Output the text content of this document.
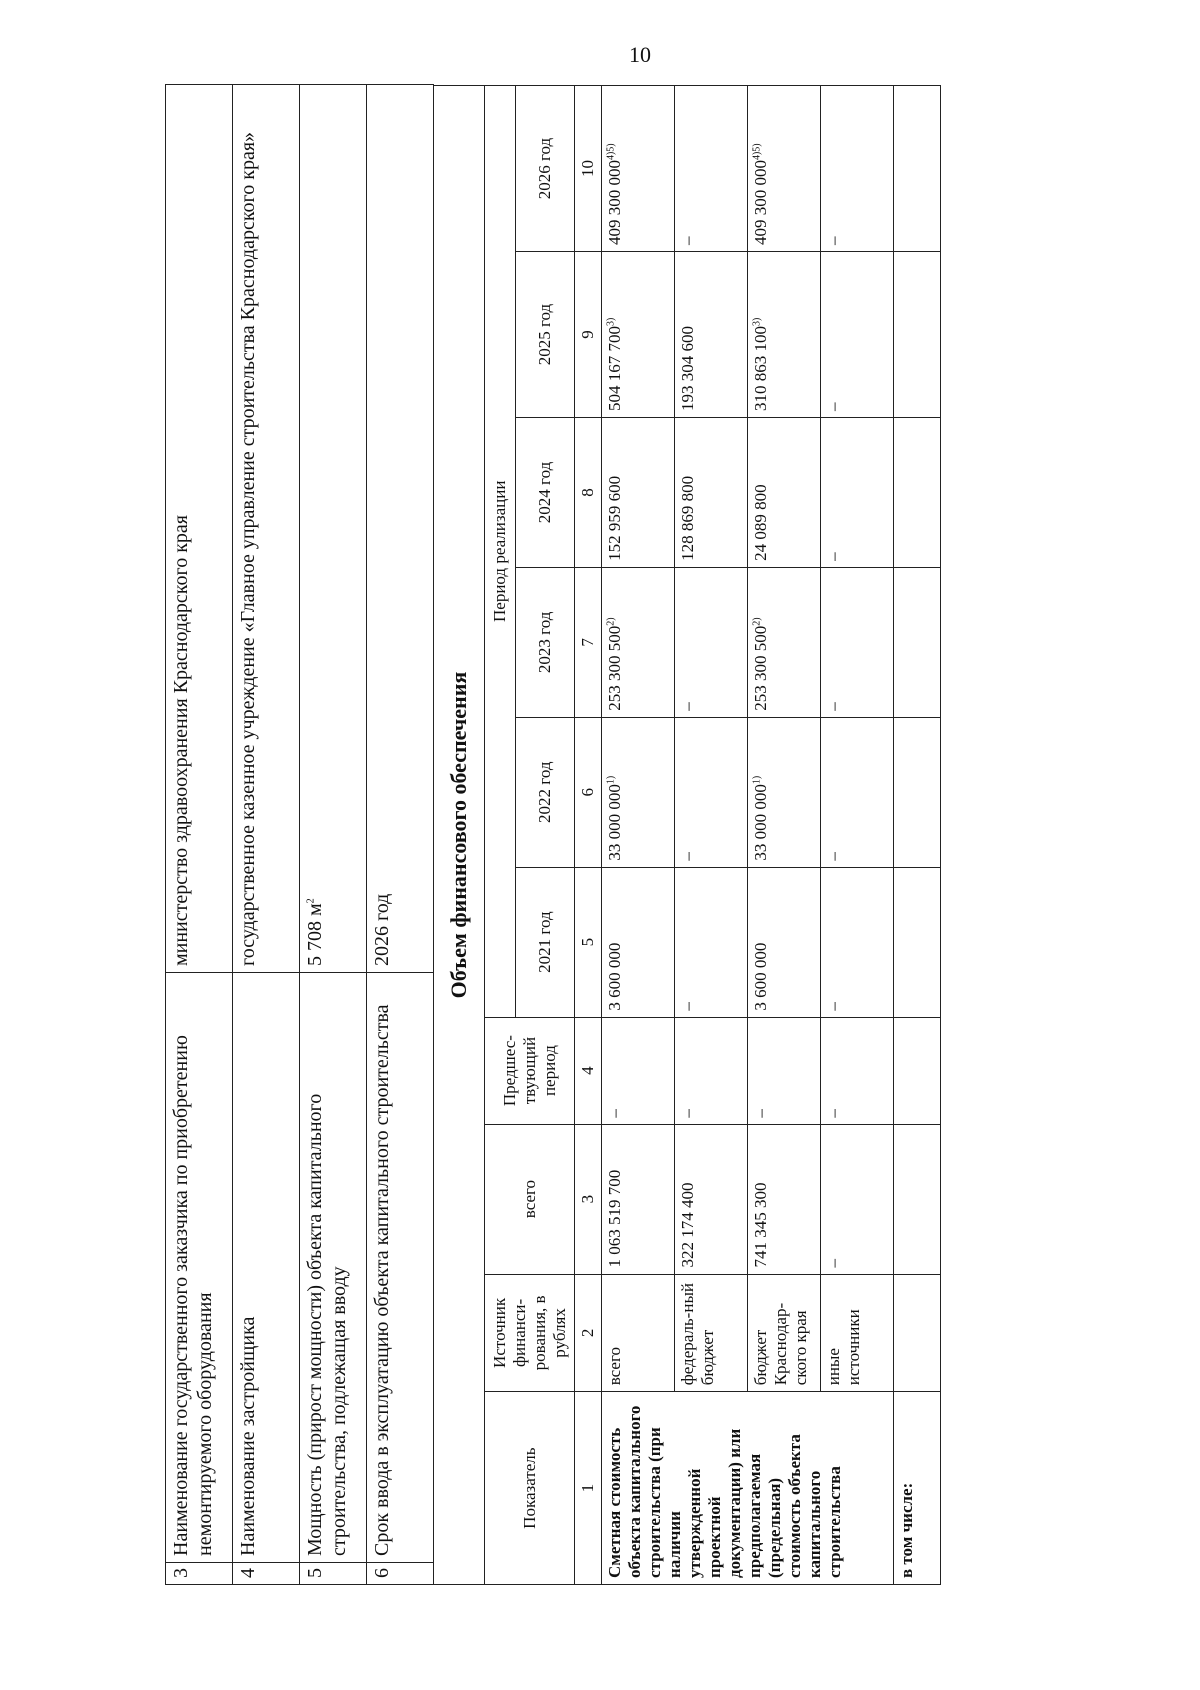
10
3	Наименование государственного заказчика по приобретению немонтируемого оборудования	министерство здравоохранения Краснодарского края
4	Наименование застройщика	государственное казенное учреждение «Главное управление строительства Краснодарского края»
5	Мощность (прирост мощности) объекта капитального строительства, подлежащая вводу	5 708 $м^2$
6	Срок ввода в эксплуатацию объекта капитального строительства	2026 год Объем финансового обеспечения									
Показатель	Источник финанси-рования, в рублях	всего	Предшес-твующий период	Период реализации					
				2021 год	2022 год	2023 год	2024 год	2025 год	2026 год
1	2	3	4	5	6	7	8	9	10
Сметная стоимость объекта капитального строительства (при наличии утвержденной проектной документации) или предполагаемая (предельная) стоимость объекта капитального строительства	всего	1 063 519 700	–	3 600 000	33 000 000$^{1)}$	253 300 500$^{2)}$	152 959 600	504 167 700$^{3)}$	409 300 $000^{4)5)}$
	федераль-ный бюджет	322 174 400	–	–	–	–	128 869 800	193 304 600	–
	бюджет Краснодар-ского края	741 345 300	–	3 600 000	33 000 000$^{1)}$	253 300 500$^{2)}$	24 089 800	310 863 100$^{3)}$	409 300 $000^{4)5)}$
	иные источники	–	–	–	–	–	–	–	–
в том числе:									
